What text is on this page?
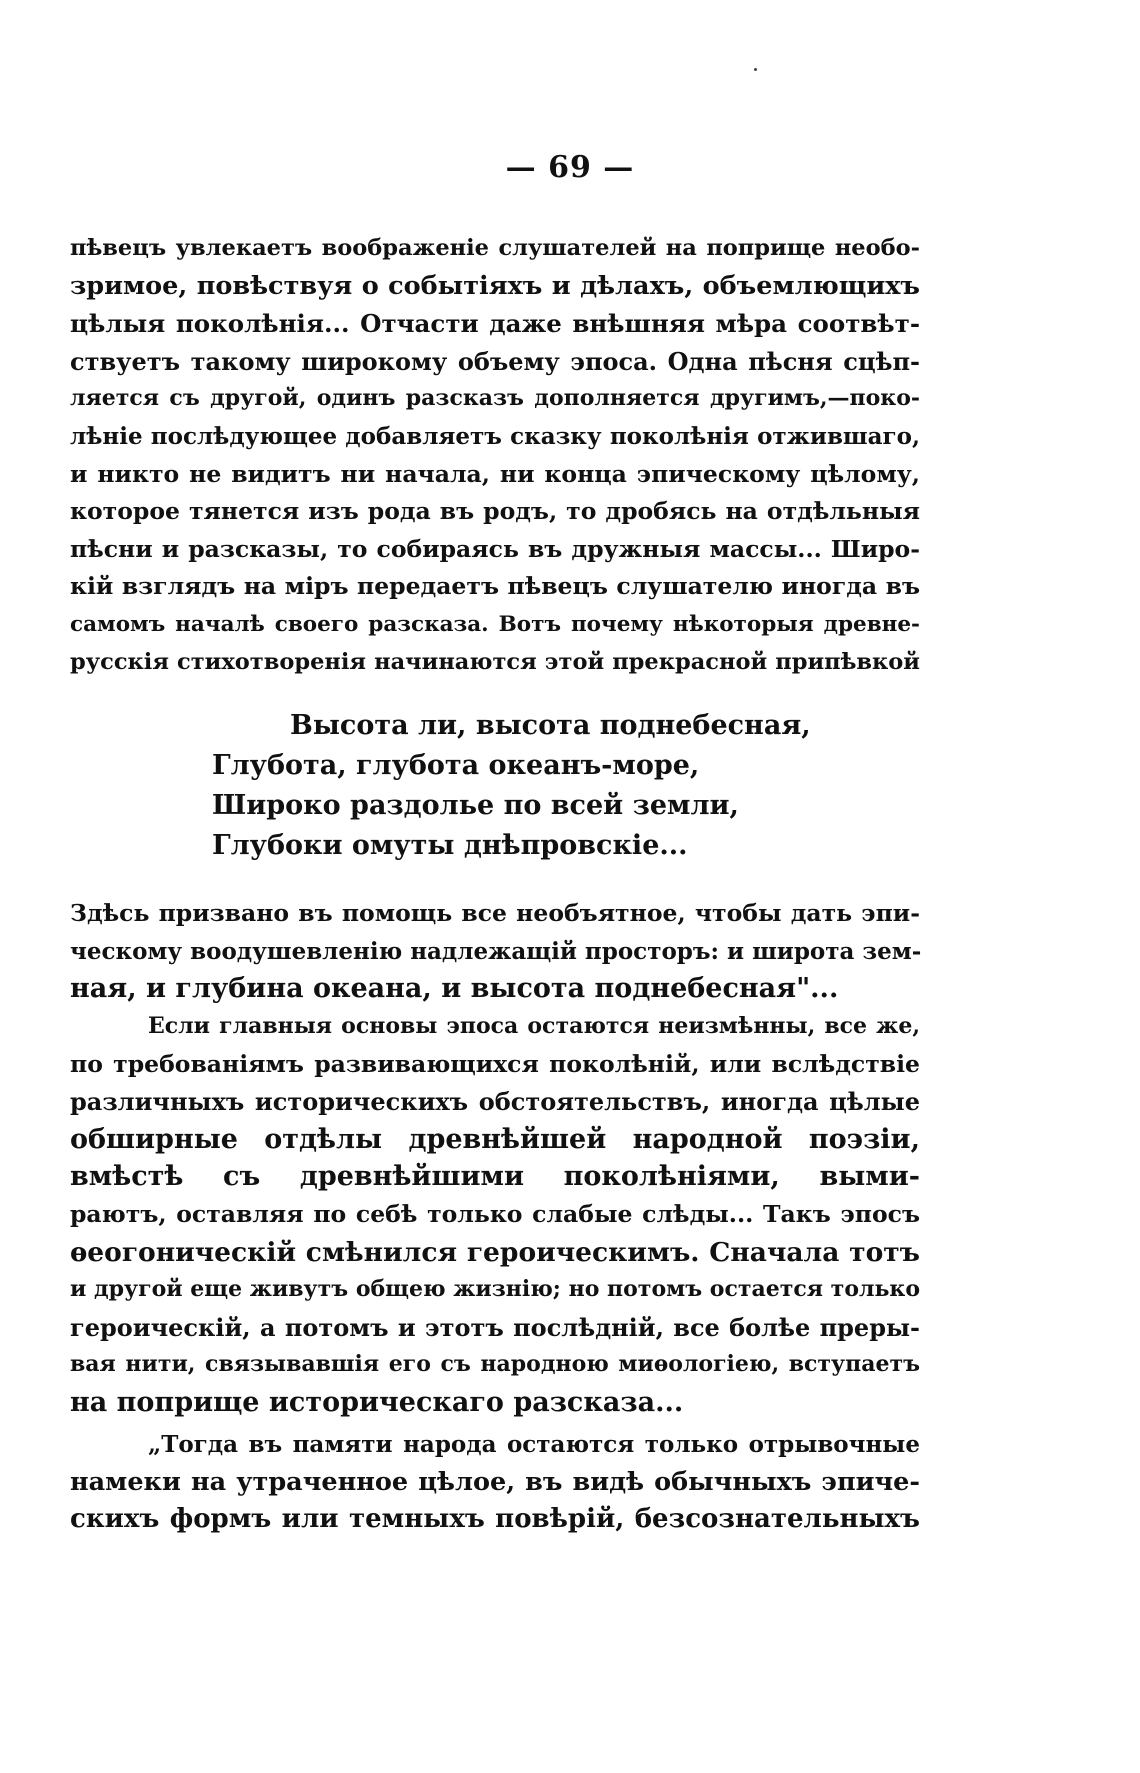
— 69 —
пѣвецъ увлекаетъ воображеніе слушателей на поприще необо-
зримое, повѣствуя о событіяхъ и дѣлахъ, объемлющихъ
цѣлыя поколѣнія... Отчасти даже внѣшняя мѣра соотвѣт-
ствуетъ такому широкому объему эпоса. Одна пѣсня сцѣп-
ляется съ другой, одинъ разсказъ дополняется другимъ,—поко-
лѣніе послѣдующее добавляетъ сказку поколѣнія отжившаго,
и никто не видитъ ни начала, ни конца эпическому цѣлому,
которое тянется изъ рода въ родъ, то дробясь на отдѣльныя
пѣсни и разсказы, то собираясь въ дружныя массы... Широ-
кій взглядъ на міръ передаетъ пѣвецъ слушателю иногда въ
самомъ началѣ своего разсказа. Вотъ почему нѣкоторыя древне-
русскія стихотворенія начинаются этой прекрасной припѣвкой
Высота ли, высота поднебесная,
Глубота, глубота океанъ-море,
Широко раздолье по всей земли,
Глубоки омуты днѣпровскіе...
Здѣсь призвано въ помощь все необъятное, чтобы дать эпи-
ческому воодушевленію надлежащій просторъ: и широта зем-
ная, и глубина океана, и высота поднебесная"...
Если главныя основы эпоса остаются неизмѣнны, все же,
по требованіямъ развивающихся поколѣній, или вслѣдствіе
различныхъ историческихъ обстоятельствъ, иногда цѣлые
обширные отдѣлы древнѣйшей народной поэзіи,
вмѣстѣ съ древнѣйшими поколѣніями, выми-
раютъ, оставляя по себѣ только слабые слѣды... Такъ эпосъ
ѳеогоническій смѣнился героическимъ. Сначала тотъ
и другой еще живутъ общею жизнію; но потомъ остается только
героическій, а потомъ и этотъ послѣдній, все болѣе преры-
вая нити, связывавшія его съ народною миѳологіею, вступаетъ
на поприще историческаго разсказа...
„Тогда въ памяти народа остаются только отрывочные
намеки на утраченное цѣлое, въ видѣ обычныхъ эпиче-
скихъ формъ или темныхъ повѣрій, безсознательныхъ
